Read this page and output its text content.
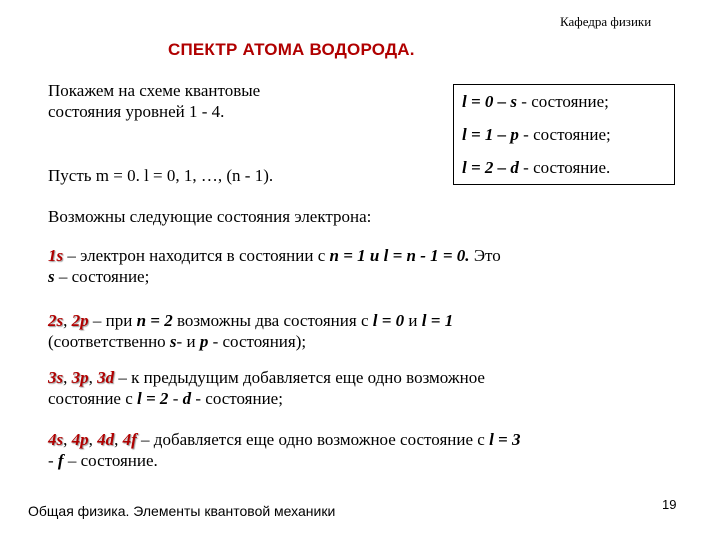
Кафедра физики
СПЕКТР АТОМА ВОДОРОДА.
Покажем на схеме квантовые
состояния уровней 1 - 4.
Пусть m = 0. l = 0, 1, …, (n - 1).
l = 0 – s - состояние;
l = 1 – p - состояние;
l = 2 – d - состояние.
Возможны следующие состояния электрона:
1s – электрон находится в состоянии с n = 1 и l = n - 1 = 0. Это
s – состояние;
2s, 2p – при n = 2 возможны два состояния с l = 0 и l = 1
(соответственно s- и p - состояния);
3s, 3p, 3d – к предыдущим добавляется еще одно возможное
состояние с l = 2 - d - состояние;
4s, 4p, 4d, 4f – добавляется еще одно возможное состояние с l = 3
- f – состояние.
Общая физика. Элементы квантовой механики	19
